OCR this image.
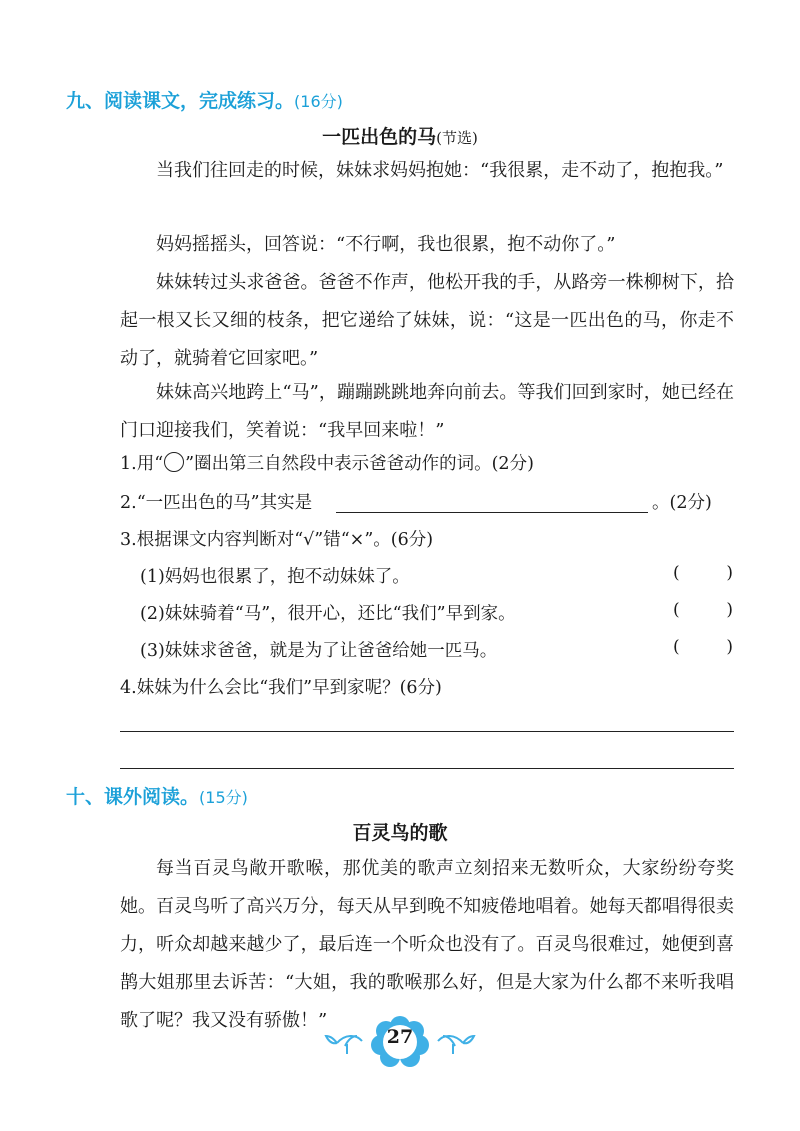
九、阅读课文，完成练习。(16分)
一匹出色的马(节选)
当我们往回走的时候，妹妹求妈妈抱她：“我很累，走不动了，抱抱我。”
妈妈摇摇头，回答说：“不行啊，我也很累，抱不动你了。”
妹妹转过头求爸爸。爸爸不作声，他松开我的手，从路旁一株柳树下，拾起一根又长又细的枝条，把它递给了妹妹，说：“这是一匹出色的马，你走不动了，就骑着它回家吧。”
妹妹高兴地跨上“马”，蹦蹦跳跳地奔向前去。等我们回到家时，她已经在门口迎接我们，笑着说：“我早回来啦！”
1.用“ ”圈出第三自然段中表示爸爸动作的词。(2分)
2.“一匹出色的马”其实是	。(2分)
3.根据课文内容判断对“√”错“×”。(6分)
(1)妈妈也很累了，抱不动妹妹了。	(	)
(2)妹妹骑着“马”，很开心，还比“我们”早到家。	(	)
(3)妹妹求爸爸，就是为了让爸爸给她一匹马。	(	)
4.妹妹为什么会比“我们”早到家呢？(6分)
十、课外阅读。(15分)
百灵鸟的歌
每当百灵鸟敞开歌喉，那优美的歌声立刻招来无数听众，大家纷纷夸奖她。百灵鸟听了高兴万分，每天从早到晚不知疲倦地唱着。她每天都唱得很卖力，听众却越来越少了，最后连一个听众也没有了。百灵鸟很难过，她便到喜鹊大姐那里去诉苦：“大姐，我的歌喉那么好，但是大家为什么都不来听我唱歌了呢？我又没有骄傲！”
27
